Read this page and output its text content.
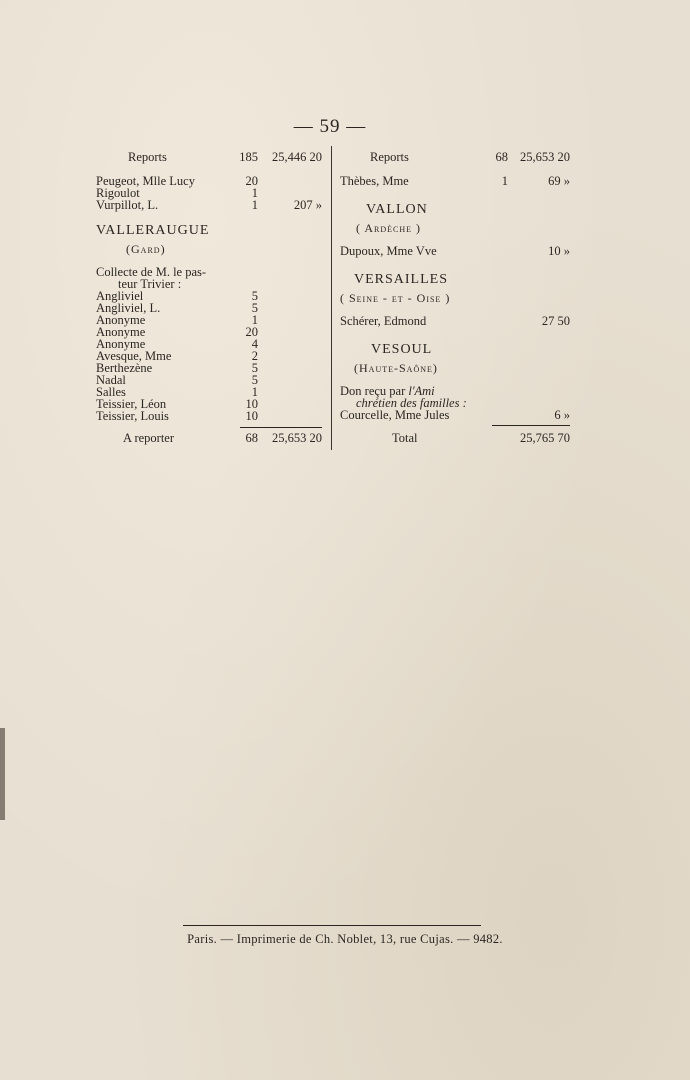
— 59 —
Reports	185 25,446 20
Peugeot, Mlle Lucy	20
Rigoulot	1
Vurpillot, L.	1	207 »
VALLERAUGUE
(Gard)
Collecte de M. le pas-
teur Trivier :
Angliviel	5
Angliviel, L.	5
Anonyme	1
Anonyme	20
Anonyme	4
Avesque, Mme	2
Berthezène	5
Nadal	5
Salles	1
Teissier, Léon	10
Teissier, Louis	10
A reporter	68 25,653 20
Reports	68 25,653 20
Thèbes, Mme	1	69 »
VALLON
( Ardèche )
Dupoux, Mme Vve	10 »
VERSAILLES
( Seine - et - Oise )
Schérer, Edmond	27 50
VESOUL
(Haute-Saône)
Don reçu par l'Ami
chrétien des familles :
Courcelle, Mme Jules	6 »
Total	25,765 70
Paris. — Imprimerie de Ch. Noblet, 13, rue Cujas. — 9482.
